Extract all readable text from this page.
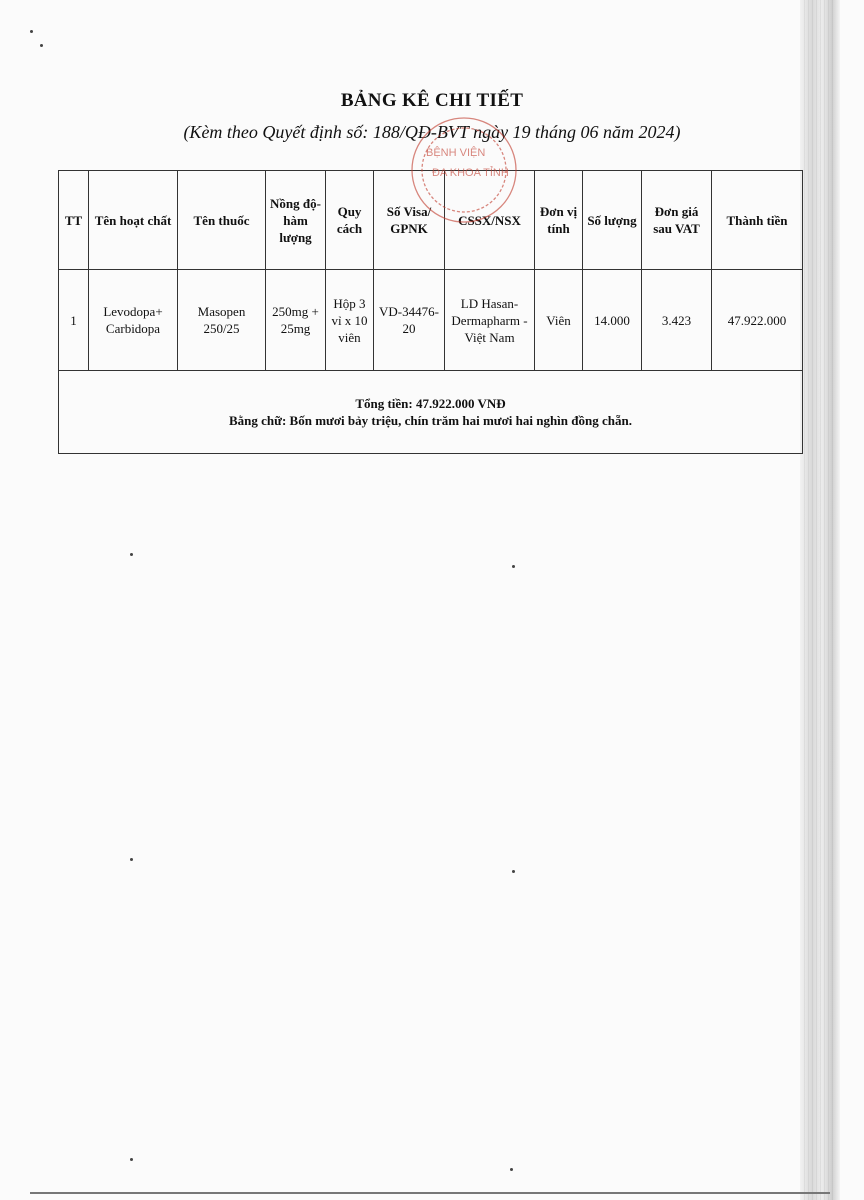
BẢNG KÊ CHI TIẾT
(Kèm theo Quyết định số: 188/QĐ-BVT ngày 19 tháng 06 năm 2024)
TT	Tên hoạt chất	Tên thuốc	Nồng độ- hàm lượng	Quy cách	Số Visa/ GPNK	CSSX/NSX	Đơn vị tính	Số lượng	Đơn giá sau VAT	Thành tiền
1	Levodopa+ Carbidopa	Masopen 250/25	250mg + 25mg	Hộp 3 vỉ x 10 viên	VD-34476-20	LD Hasan-Dermapharm -Việt Nam	Viên	14.000	3.423	47.922.000

Tổng tiền: 47.922.000 VNĐ
Bằng chữ: Bốn mươi bảy triệu, chín trăm hai mươi hai nghìn đồng chẵn.										
BỆNH VIỆN
ĐA KHOA TỈNH
